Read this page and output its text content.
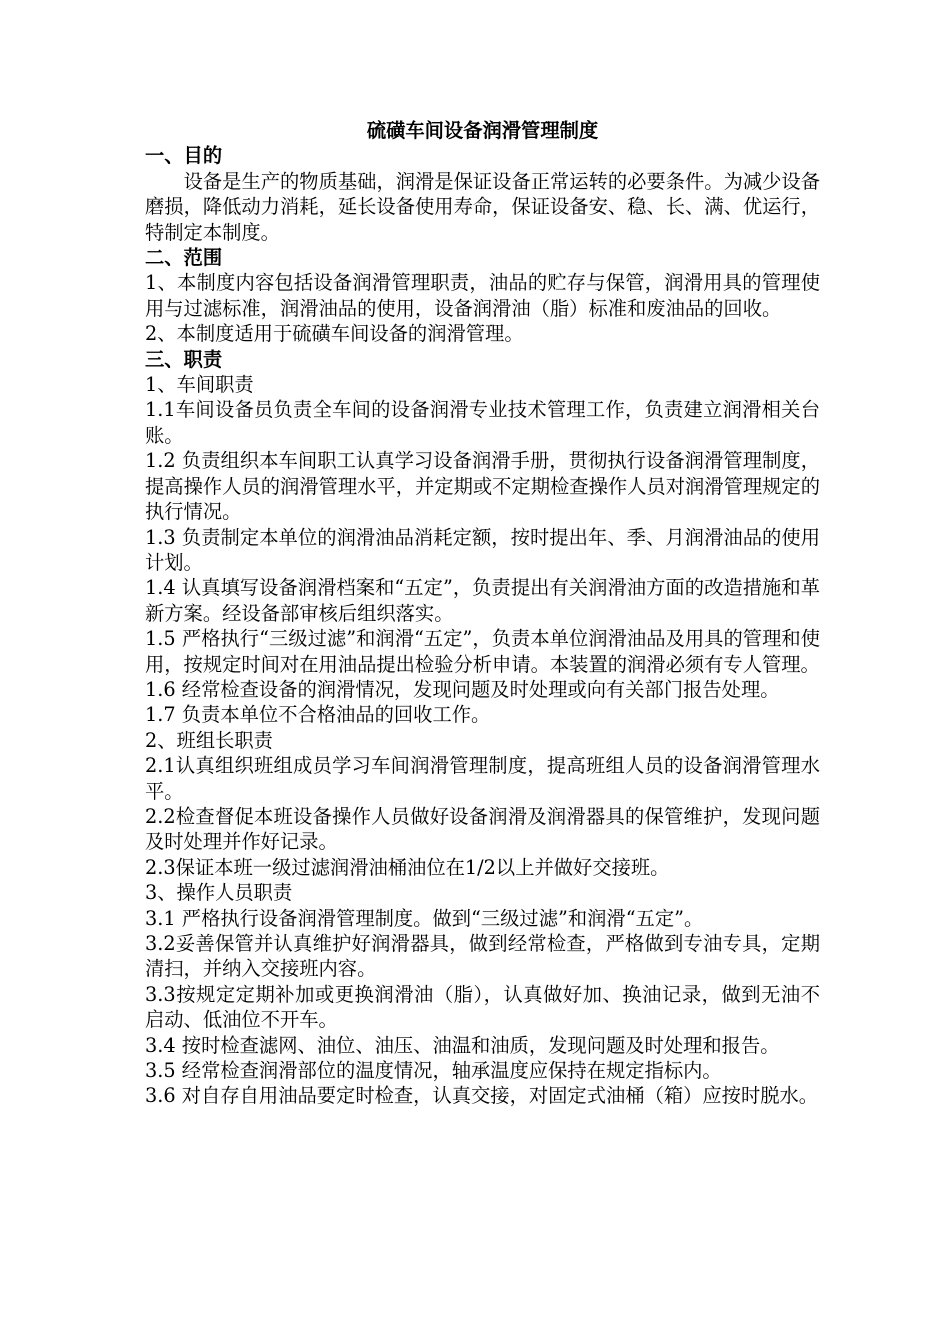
硫磺车间设备润滑管理制度
一、目的
设备是生产的物质基础，润滑是保证设备正常运转的必要条件。为减少设备磨损，降低动力消耗，延长设备使用寿命，保证设备安、稳、长、满、优运行，特制定本制度。
二、范围
1、本制度内容包括设备润滑管理职责，油品的贮存与保管，润滑用具的管理使用与过滤标准，润滑油品的使用，设备润滑油（脂）标准和废油品的回收。
2、本制度适用于硫磺车间设备的润滑管理。
三、职责
1、车间职责
1.1车间设备员负责全车间的设备润滑专业技术管理工作，负责建立润滑相关台账。
1.2 负责组织本车间职工认真学习设备润滑手册，贯彻执行设备润滑管理制度，提高操作人员的润滑管理水平，并定期或不定期检查操作人员对润滑管理规定的执行情况。
1.3 负责制定本单位的润滑油品消耗定额，按时提出年、季、月润滑油品的使用计划。
1.4 认真填写设备润滑档案和“五定”，负责提出有关润滑油方面的改造措施和革新方案。经设备部审核后组织落实。
1.5 严格执行“三级过滤”和润滑“五定”，负责本单位润滑油品及用具的管理和使用，按规定时间对在用油品提出检验分析申请。本装置的润滑必须有专人管理。
1.6 经常检查设备的润滑情况，发现问题及时处理或向有关部门报告处理。
1.7 负责本单位不合格油品的回收工作。
2、班组长职责
2.1认真组织班组成员学习车间润滑管理制度，提高班组人员的设备润滑管理水平。
2.2检查督促本班设备操作人员做好设备润滑及润滑器具的保管维护，发现问题及时处理并作好记录。
2.3保证本班一级过滤润滑油桶油位在1/2以上并做好交接班。
3、操作人员职责
3.1 严格执行设备润滑管理制度。做到“三级过滤”和润滑“五定”。
3.2妥善保管并认真维护好润滑器具，做到经常检查，严格做到专油专具，定期清扫，并纳入交接班内容。
3.3按规定定期补加或更换润滑油（脂），认真做好加、换油记录，做到无油不启动、低油位不开车。
3.4 按时检查滤网、油位、油压、油温和油质，发现问题及时处理和报告。
3.5 经常检查润滑部位的温度情况，轴承温度应保持在规定指标内。
3.6 对自存自用油品要定时检查，认真交接，对固定式油桶（箱）应按时脱水。
